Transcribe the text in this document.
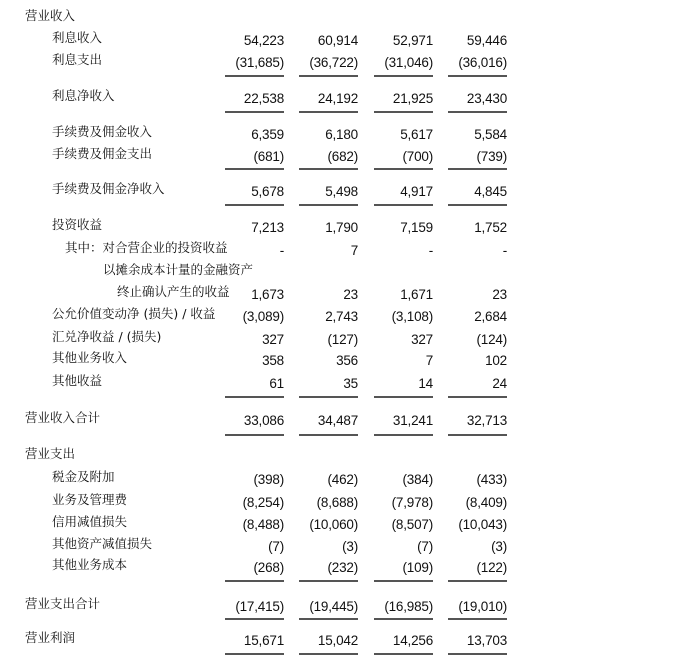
营业收入
利息收入	54,223	60,914	52,971	59,446
利息支出	(31,685)	(36,722)	(31,046)	(36,016)
利息净收入	22,538	24,192	21,925	23,430
手续费及佣金收入	6,359	6,180	5,617	5,584
手续费及佣金支出	(681)	(682)	(700)	(739)
手续费及佣金净收入	5,678	5,498	4,917	4,845
投资收益	7,213	1,790	7,159	1,752
其中：对合营企业的投资收益	-	7	-	-
以摊余成本计量的金融资产
终止确认产生的收益	1,673	23	1,671	23
公允价值变动净 (损失) / 收益	(3,089)	2,743	(3,108)	2,684
汇兑净收益 / (损失)	327	(127)	327	(124)
其他业务收入	358	356	7	102
其他收益	61	35	14	24
营业收入合计	33,086	34,487	31,241	32,713
营业支出
税金及附加	(398)	(462)	(384)	(433)
业务及管理费	(8,254)	(8,688)	(7,978)	(8,409)
信用减值损失	(8,488)	(10,060)	(8,507)	(10,043)
其他资产减值损失	(7)	(3)	(7)	(3)
其他业务成本	(268)	(232)	(109)	(122)
营业支出合计	(17,415)	(19,445)	(16,985)	(19,010)
营业利润	15,671	15,042	14,256	13,703
